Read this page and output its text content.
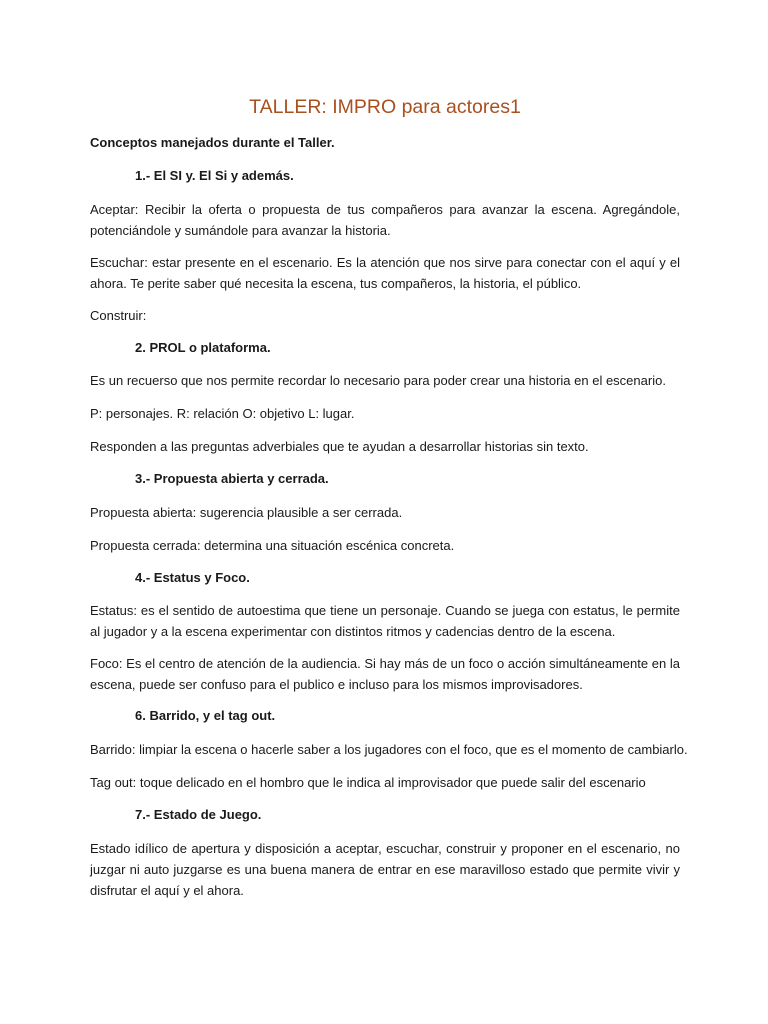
TALLER: IMPRO para actores1

Conceptos manejados durante el Taller.

1.- El SI y. El Si y además.

Aceptar: Recibir la oferta o propuesta de tus compañeros para avanzar la escena. Agregándole, potenciándole y sumándole para avanzar la historia.

Escuchar: estar presente en el escenario. Es la atención que nos sirve para conectar con el aquí y el ahora. Te perite saber qué necesita la escena, tus compañeros, la historia, el público.

Construir:

2. PROL o plataforma.

Es un recuerso que nos permite recordar lo necesario para poder crear una historia en el escenario.

P: personajes. R: relación O: objetivo L: lugar.

Responden a las preguntas adverbiales que te ayudan a desarrollar historias sin texto.

3.- Propuesta abierta y cerrada.

Propuesta abierta: sugerencia plausible a ser cerrada.

Propuesta cerrada: determina una situación escénica concreta.

4.- Estatus y Foco.

Estatus: es el sentido de autoestima que tiene un personaje. Cuando se juega con estatus, le permite al jugador y a la escena experimentar con distintos ritmos y cadencias dentro de la escena.

Foco: Es el centro de atención de la audiencia. Si hay más de un foco o acción simultáneamente en la escena, puede ser confuso para el publico e incluso para los mismos improvisadores.

6. Barrido, y el tag out.

Barrido: limpiar la escena o hacerle saber a los jugadores con el foco, que es el momento de cambiarlo.

Tag out: toque delicado en el hombro que le indica al improvisador que puede salir del escenario

7.- Estado de Juego.

Estado idílico de apertura y disposición a aceptar, escuchar, construir y proponer en el escenario, no juzgar ni auto juzgarse es una buena manera de entrar en ese maravilloso estado que permite vivir y disfrutar el aquí y el ahora.
